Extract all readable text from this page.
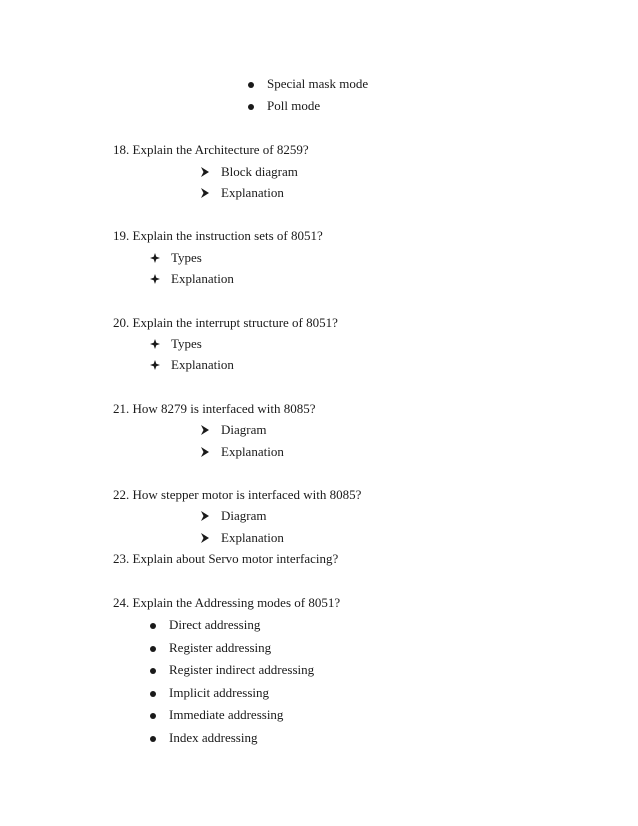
Special mask mode
Poll mode
18. Explain the Architecture of 8259?
Block diagram
Explanation
19. Explain the instruction sets of 8051?
Types
Explanation
20. Explain the interrupt structure of 8051?
Types
Explanation
21. How 8279 is interfaced with 8085?
Diagram
Explanation
22. How stepper motor is interfaced with 8085?
Diagram
Explanation
23. Explain about Servo motor interfacing?
24. Explain the Addressing modes of 8051?
Direct addressing
Register addressing
Register indirect addressing
Implicit addressing
Immediate addressing
Index addressing
